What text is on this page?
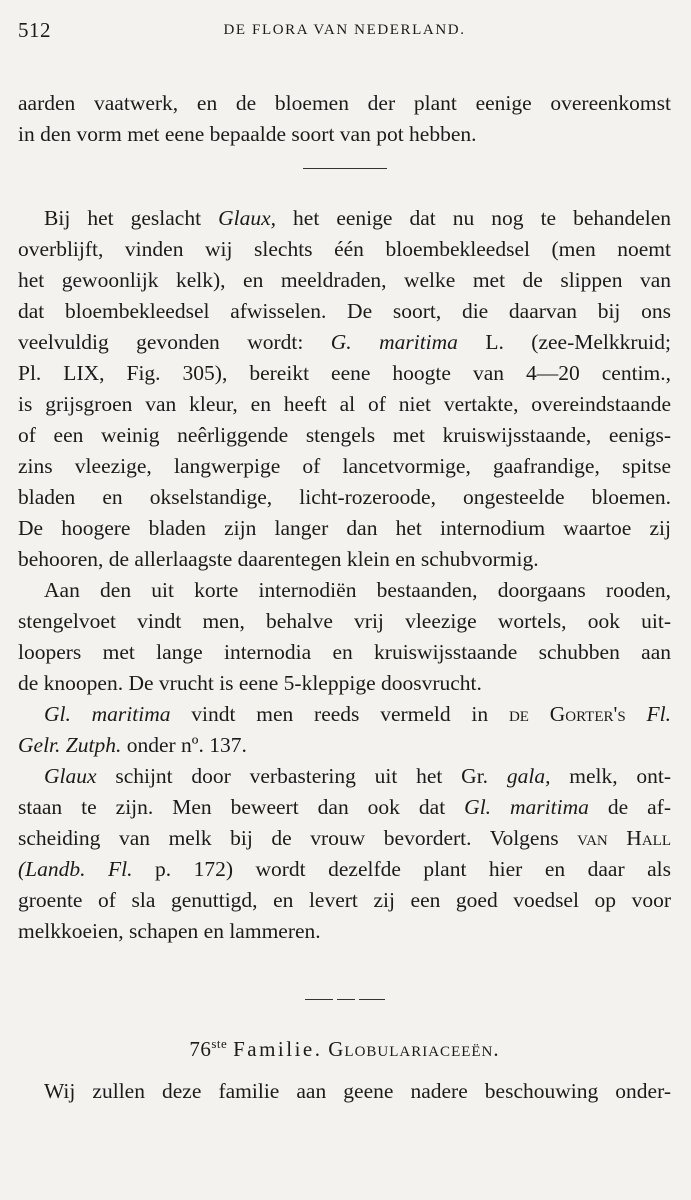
512	DE FLORA VAN NEDERLAND.

aarden vaatwerk, en de bloemen der plant eenige overeenkomst
in den vorm met eene bepaalde soort van pot hebben.

Bij het geslacht Glaux, het eenige dat nu nog te behandelen
overblijft, vinden wij slechts één bloembekleedsel (men noemt
het gewoonlijk kelk), en meeldraden, welke met de slippen van
dat bloembekleedsel afwisselen. De soort, die daarvan bij ons
veelvuldig gevonden wordt: G. maritima L. (zee-Melkkruid;
Pl. LIX, Fig. 305), bereikt eene hoogte van 4—20 centim.,
is grijsgroen van kleur, en heeft al of niet vertakte, overeindstaande
of een weinig neêrliggende stengels met kruiswijsstaande, eenigs-
zins vleezige, langwerpige of lancetvormige, gaafrandige, spitse
bladen en okselstandige, licht-rozeroode, ongesteelde bloemen.
De hoogere bladen zijn langer dan het internodium waartoe zij
behooren, de allerlaagste daarentegen klein en schubvormig.

Aan den uit korte internodiën bestaanden, doorgaans rooden,
stengelvoet vindt men, behalve vrij vleezige wortels, ook uit-
loopers met lange internodia en kruiswijsstaande schubben aan
de knoopen. De vrucht is eene 5-kleppige doosvrucht.

Gl. maritima vindt men reeds vermeld in de Gorter's Fl.
Gelr. Zutph. onder nº. 137.

Glaux schijnt door verbastering uit het Gr. gala, melk, ont-
staan te zijn. Men beweert dan ook dat Gl. maritima de af-
scheiding van melk bij de vrouw bevordert. Volgens van Hall
(Landb. Fl. p. 172) wordt dezelfde plant hier en daar als
groente of sla genuttigd, en levert zij een goed voedsel op voor
melkkoeien, schapen en lammeren.

76ste Familie. Globulariaceeën.

Wij zullen deze familie aan geene nadere beschouwing onder-
